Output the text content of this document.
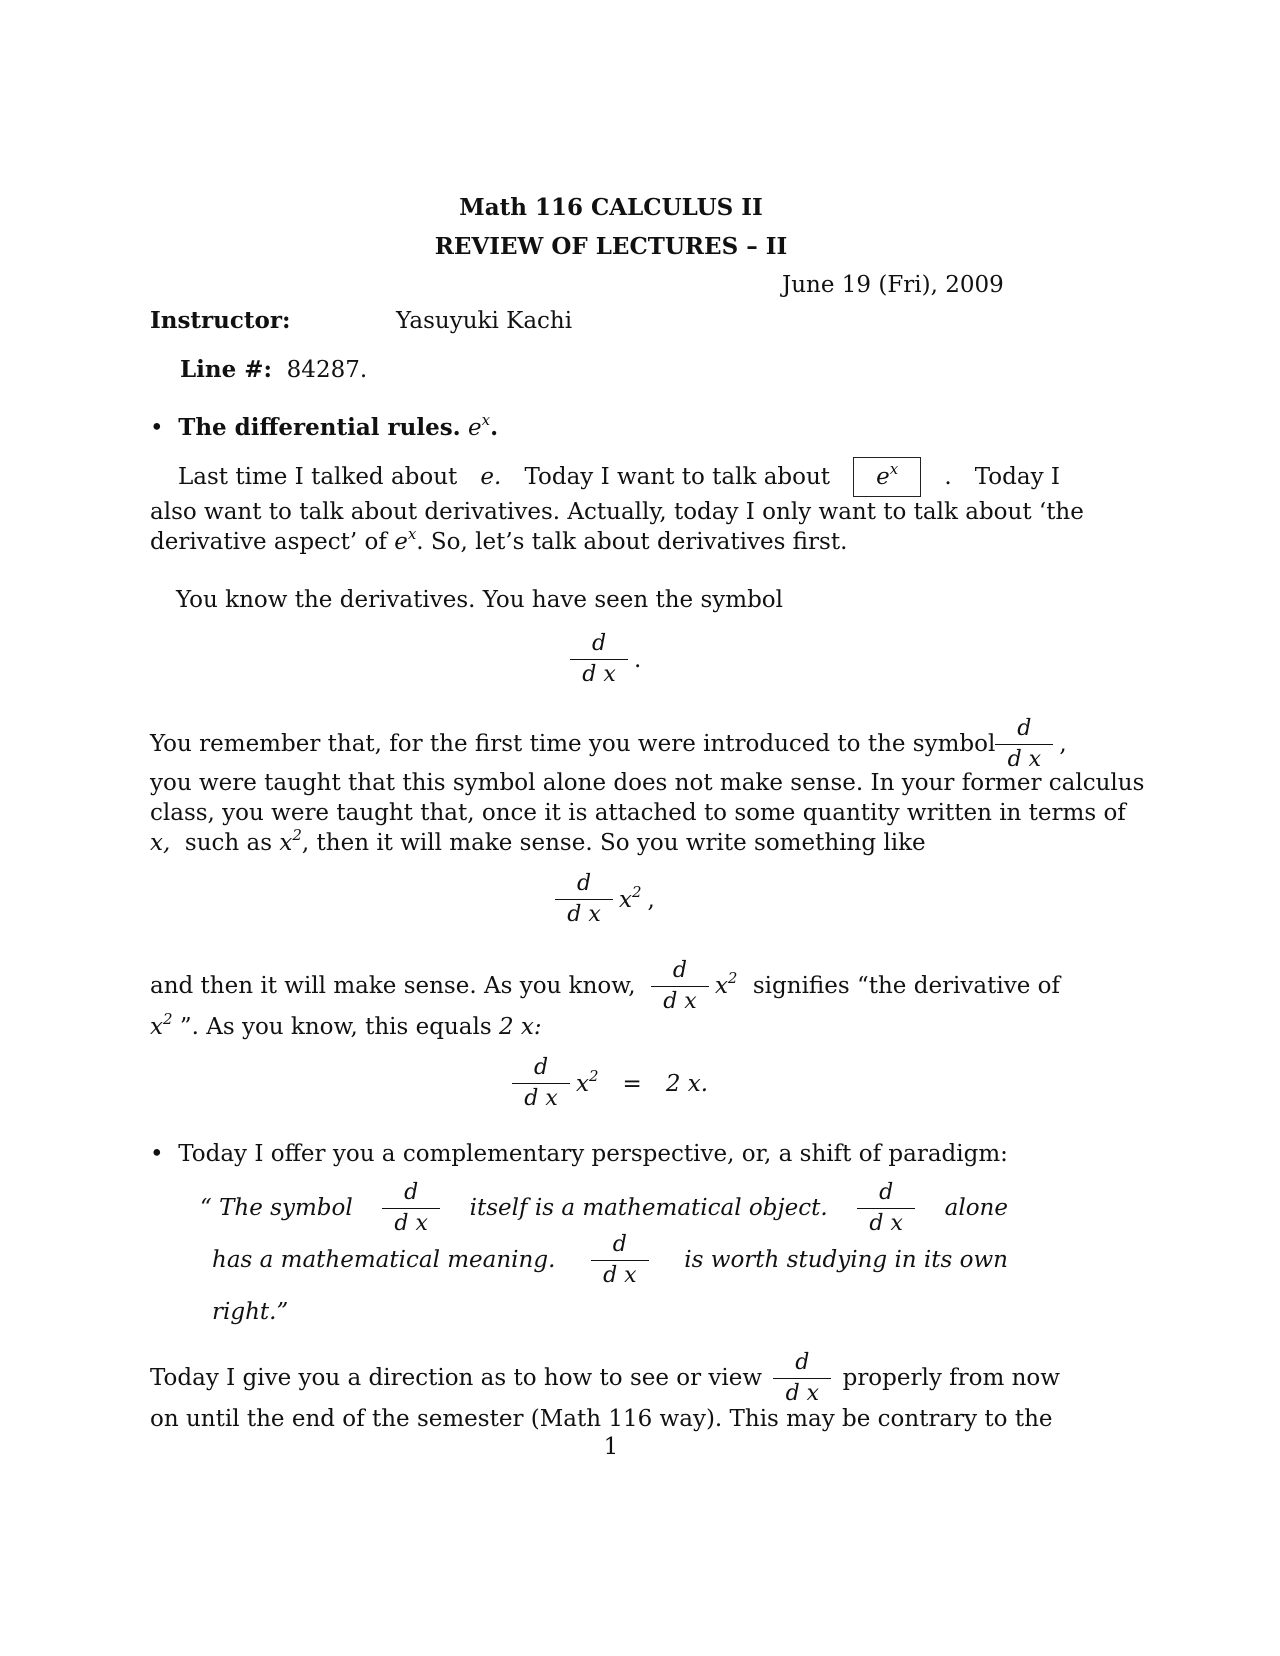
Math 116 CALCULUS II
REVIEW OF LECTURES – II
June 19 (Fri), 2009
Instructor:	Yasuyuki Kachi
Line #: 84287.
• The differential rules. $e^x$.
Last time I talked about e. Today I want to talk about	$e^x$	. Today I
also want to talk about derivatives. Actually, today I only want to talk about ‘the
derivative aspect’ of $e^x$. So, let’s talk about derivatives first.
You know the derivatives. You have seen the symbol
$\frac{d}{\text{d x}}$ .
You remember that, for the first time you were introduced to the symbol $\frac{d}{\text{d x}}$ ,
you were taught that this symbol alone does not make sense. In your former calculus
class, you were taught that, once it is attached to some quantity written in terms of
x, such as $x^2$, then it will make sense. So you write something like
$\frac{d}{\text{d x}} x^2$ ,
and then it will make sense. As you know, $\frac{d}{\text{d x}} x^2$ signifies “the derivative of
$x^2$ ”. As you know, this equals 2 x:
$\frac{d}{\text{d x}} x^2$	=	2 x.
• Today I offer you a complementary perspective, or, a shift of paradigm:
“ The symbol $\frac{d}{\text{d x}}$ itself is a mathematical object. $\frac{d}{\text{d x}}$ alone
has a mathematical meaning. $\frac{d}{\text{d x}}$ is worth studying in its own
right.”
Today I give you a direction as to how to see or view $\frac{d}{\text{d x}}$ properly from now
on until the end of the semester (Math 116 way). This may be contrary to the
1
